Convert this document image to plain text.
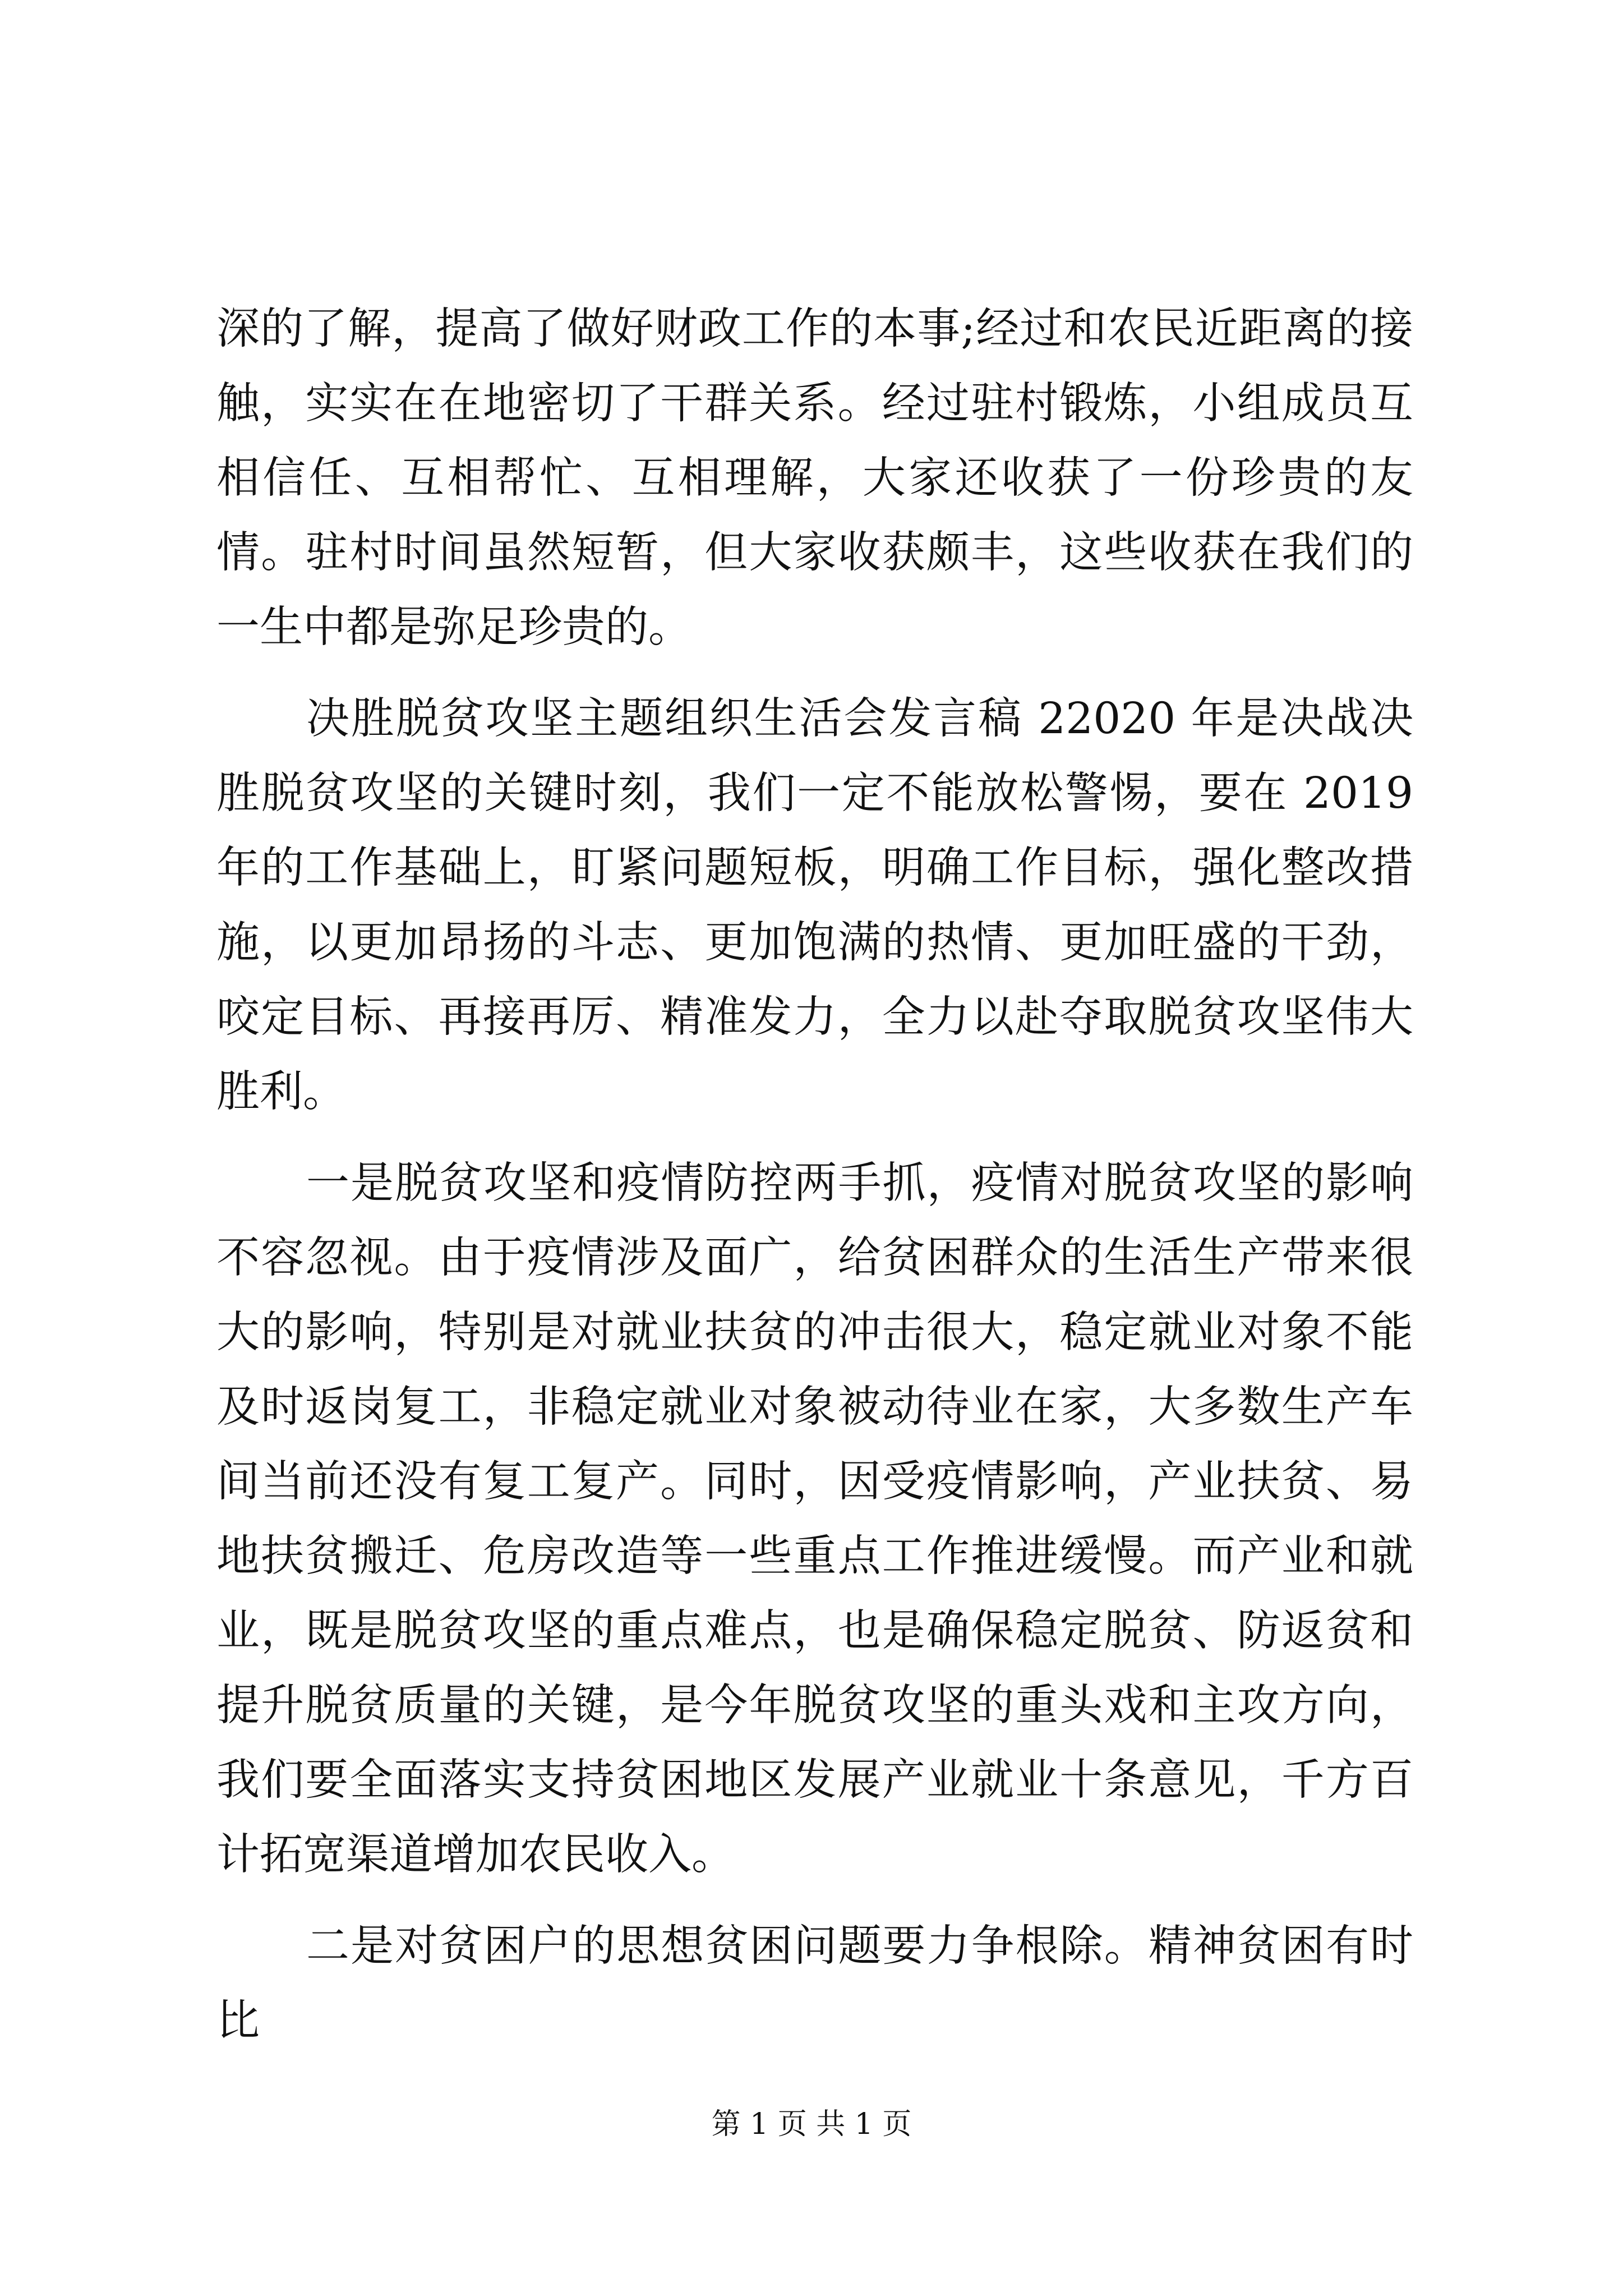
深的了解，提高了做好财政工作的本事;经过和农民近距离的接触，实实在在地密切了干群关系。经过驻村锻炼，小组成员互相信任、互相帮忙、互相理解，大家还收获了一份珍贵的友情。驻村时间虽然短暂，但大家收获颇丰，这些收获在我们的一生中都是弥足珍贵的。

决胜脱贫攻坚主题组织生活会发言稿 22020 年是决战决胜脱贫攻坚的关键时刻，我们一定不能放松警惕，要在 2019 年的工作基础上，盯紧问题短板，明确工作目标，强化整改措施，以更加昂扬的斗志、更加饱满的热情、更加旺盛的干劲，咬定目标、再接再厉、精准发力，全力以赴夺取脱贫攻坚伟大胜利。

一是脱贫攻坚和疫情防控两手抓，疫情对脱贫攻坚的影响不容忽视。由于疫情涉及面广，给贫困群众的生活生产带来很大的影响，特别是对就业扶贫的冲击很大，稳定就业对象不能及时返岗复工，非稳定就业对象被动待业在家，大多数生产车间当前还没有复工复产。同时，因受疫情影响，产业扶贫、易地扶贫搬迁、危房改造等一些重点工作推进缓慢。而产业和就业，既是脱贫攻坚的重点难点，也是确保稳定脱贫、防返贫和提升脱贫质量的关键，是今年脱贫攻坚的重头戏和主攻方向，我们要全面落实支持贫困地区发展产业就业十条意见，千方百计拓宽渠道增加农民收入。

二是对贫困户的思想贫困问题要力争根除。精神贫困有时比

第 1 页 共 1 页
